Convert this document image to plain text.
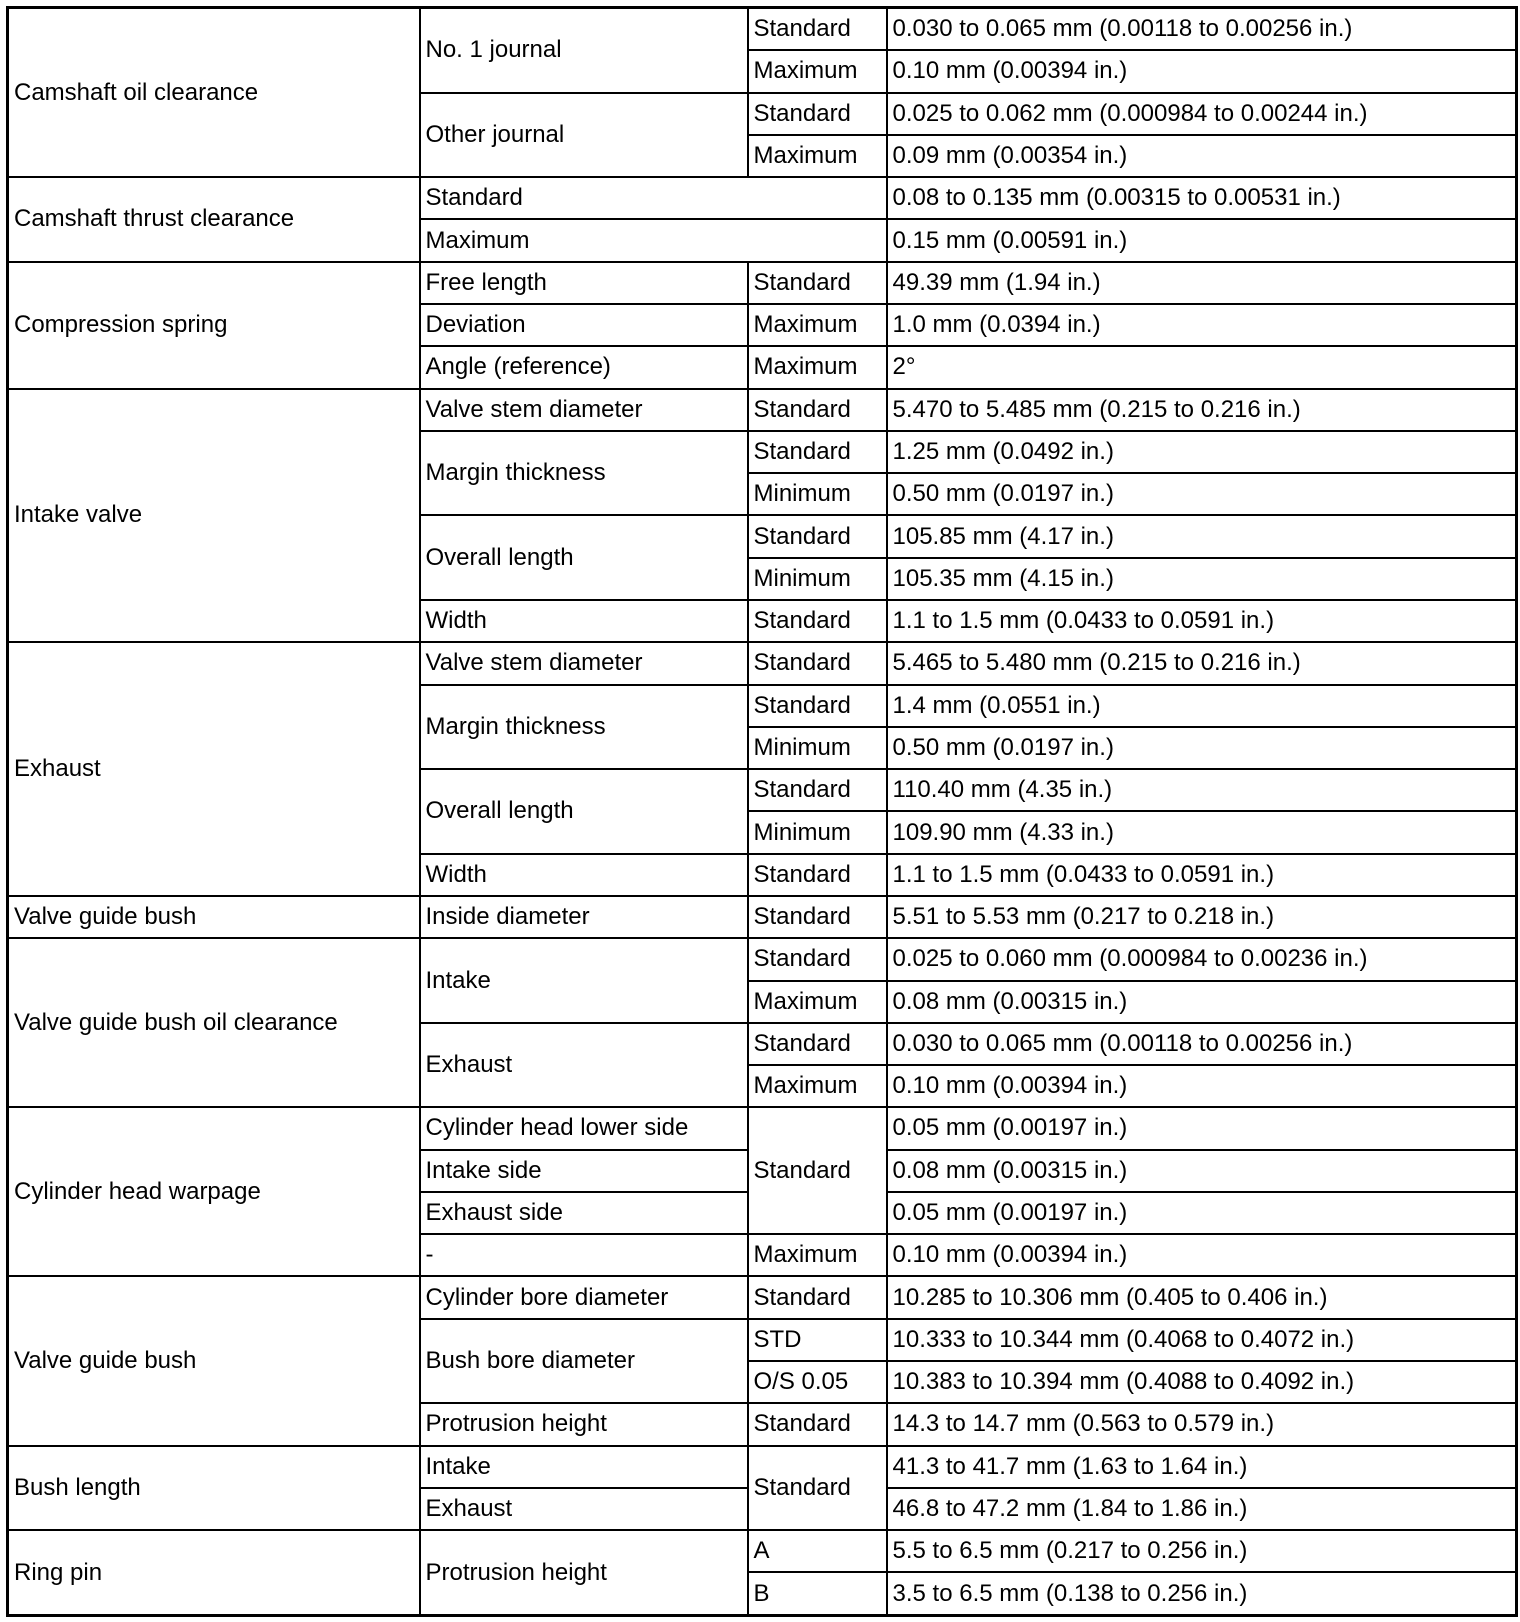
Camshaft oil clearance	No. 1 journal	Standard	0.030 to 0.065 mm (0.00118 to 0.00256 in.)
		Maximum	0.10 mm (0.00394 in.)
	Other journal	Standard	0.025 to 0.062 mm (0.000984 to 0.00244 in.)
		Maximum	0.09 mm (0.00354 in.)
Camshaft thrust clearance	Standard		0.08 to 0.135 mm (0.00315 to 0.00531 in.)
	Maximum		0.15 mm (0.00591 in.)
Compression spring	Free length	Standard	49.39 mm (1.94 in.)
	Deviation	Maximum	1.0 mm (0.0394 in.)
	Angle (reference)	Maximum	2°
Intake valve	Valve stem diameter	Standard	5.470 to 5.485 mm (0.215 to 0.216 in.)
	Margin thickness	Standard	1.25 mm (0.0492 in.)
		Minimum	0.50 mm (0.0197 in.)
	Overall length	Standard	105.85 mm (4.17 in.)
		Minimum	105.35 mm (4.15 in.)
	Width	Standard	1.1 to 1.5 mm (0.0433 to 0.0591 in.)
Exhaust	Valve stem diameter	Standard	5.465 to 5.480 mm (0.215 to 0.216 in.)
	Margin thickness	Standard	1.4 mm (0.0551 in.)
		Minimum	0.50 mm (0.0197 in.)
	Overall length	Standard	110.40 mm (4.35 in.)
		Minimum	109.90 mm (4.33 in.)
	Width	Standard	1.1 to 1.5 mm (0.0433 to 0.0591 in.)
Valve guide bush	Inside diameter	Standard	5.51 to 5.53 mm (0.217 to 0.218 in.)
Valve guide bush oil clearance	Intake	Standard	0.025 to 0.060 mm (0.000984 to 0.00236 in.)
		Maximum	0.08 mm (0.00315 in.)
	Exhaust	Standard	0.030 to 0.065 mm (0.00118 to 0.00256 in.)
		Maximum	0.10 mm (0.00394 in.)
Cylinder head warpage	Cylinder head lower side	Standard	0.05 mm (0.00197 in.)
	Intake side		0.08 mm (0.00315 in.)
	Exhaust side		0.05 mm (0.00197 in.)
	-	Maximum	0.10 mm (0.00394 in.)
Valve guide bush	Cylinder bore diameter	Standard	10.285 to 10.306 mm (0.405 to 0.406 in.)
	Bush bore diameter	STD	10.333 to 10.344 mm (0.4068 to 0.4072 in.)
		O/S 0.05	10.383 to 10.394 mm (0.4088 to 0.4092 in.)
	Protrusion height	Standard	14.3 to 14.7 mm (0.563 to 0.579 in.)
Bush length	Intake	Standard	41.3 to 41.7 mm (1.63 to 1.64 in.)
	Exhaust		46.8 to 47.2 mm (1.84 to 1.86 in.)
Ring pin	Protrusion height	A	5.5 to 6.5 mm (0.217 to 0.256 in.)
		B	3.5 to 6.5 mm (0.138 to 0.256 in.)
